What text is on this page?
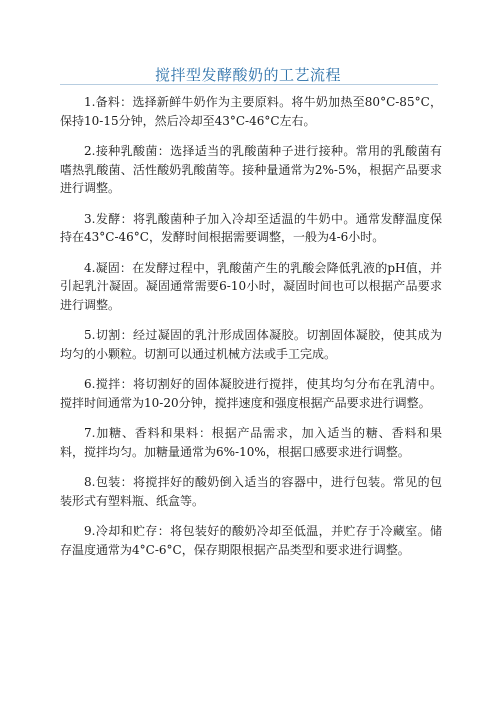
搅拌型发酵酸奶的工艺流程

1.备料：选择新鲜牛奶作为主要原料。将牛奶加热至80°C-85°C，保持10-15分钟，然后冷却至43°C-46°C左右。

2.接种乳酸菌：选择适当的乳酸菌种子进行接种。常用的乳酸菌有嗜热乳酸菌、活性酸奶乳酸菌等。接种量通常为2%-5%，根据产品要求进行调整。

3.发酵：将乳酸菌种子加入冷却至适温的牛奶中。通常发酵温度保持在43°C-46°C，发酵时间根据需要调整，一般为4-6小时。

4.凝固：在发酵过程中，乳酸菌产生的乳酸会降低乳液的pH值，并引起乳汁凝固。凝固通常需要6-10小时，凝固时间也可以根据产品要求进行调整。

5.切割：经过凝固的乳汁形成固体凝胶。切割固体凝胶，使其成为均匀的小颗粒。切割可以通过机械方法或手工完成。

6.搅拌：将切割好的固体凝胶进行搅拌，使其均匀分布在乳清中。搅拌时间通常为10-20分钟，搅拌速度和强度根据产品要求进行调整。

7.加糖、香料和果料：根据产品需求，加入适当的糖、香料和果料，搅拌均匀。加糖量通常为6%-10%，根据口感要求进行调整。

8.包装：将搅拌好的酸奶倒入适当的容器中，进行包装。常见的包装形式有塑料瓶、纸盒等。

9.冷却和贮存：将包装好的酸奶冷却至低温，并贮存于冷藏室。储存温度通常为4°C-6°C，保存期限根据产品类型和要求进行调整。
